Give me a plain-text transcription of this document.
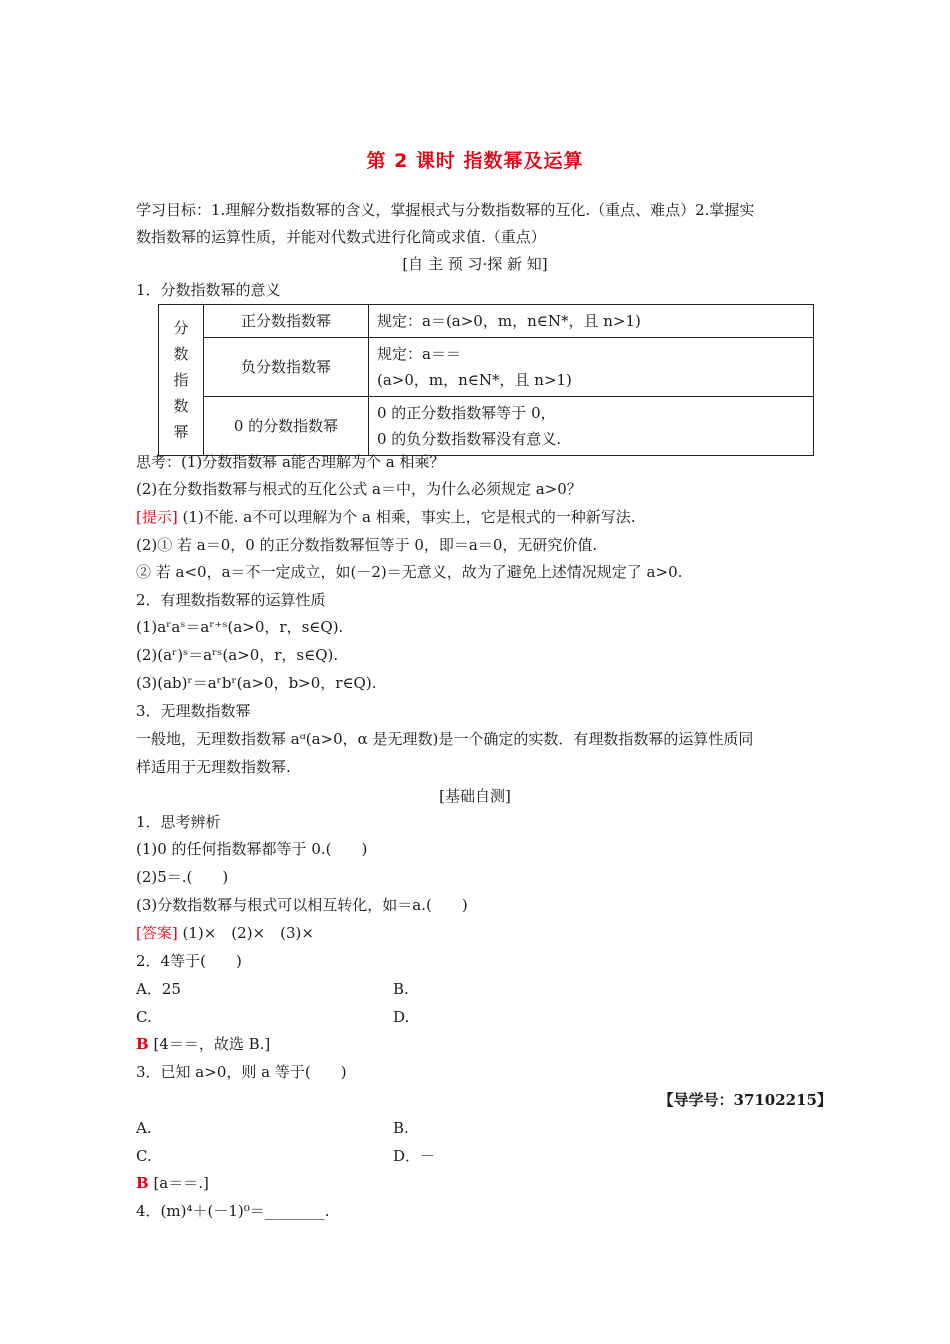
第 2 课时 指数幂及运算
学习目标：1.理解分数指数幂的含义，掌握根式与分数指数幂的互化.（重点、难点）2.掌握实
数指数幂的运算性质，并能对代数式进行化简或求值.（重点）
[自 主 预 习·探 新 知]
1．分数指数幂的意义
分
数
指
数
幂	正分数指数幂	规定：a＝(a>0，m，n∈N*，且 n>1)
	负分数指数幂	规定：a＝＝
(a>0，m，n∈N*，且 n>1)

	0 的分数指数幂	0 的正分数指数幂等于 0，
0 的负分数指数幂没有意义.
思考：(1)分数指数幂 a能否理解为个 a 相乘？
(2)在分数指数幂与根式的互化公式 a＝中，为什么必须规定 a>0？
[提示] (1)不能. a不可以理解为个 a 相乘，事实上，它是根式的一种新写法.
(2)① 若 a＝0，0 的正分数指数幂恒等于 0，即＝a＝0，无研究价值.
② 若 a<0，a＝不一定成立，如(－2)＝无意义，故为了避免上述情况规定了 a>0.
2．有理数指数幂的运算性质
(1)aʳaˢ＝aʳ⁺ˢ(a>0，r，s∈Q).
(2)(aʳ)ˢ＝aʳˢ(a>0，r，s∈Q).
(3)(ab)ʳ＝aʳbʳ(a>0，b>0，r∈Q).
3．无理数指数幂
一般地，无理数指数幂 aᵅ(a>0，α 是无理数)是一个确定的实数．有理数指数幂的运算性质同
样适用于无理数指数幂.
[基础自测]
1．思考辨析
(1)0 的任何指数幂都等于 0.(　　)
(2)5＝.(　　)
(3)分数指数幂与根式可以相互转化，如＝a.(　　)
[答案] (1)×　(2)×　(3)×
2．4等于(　　)
A．25	B.
C.	D.
B [4＝＝，故选 B.]
3．已知 a>0，则 a 等于(　　)
【导学号：37102215】
A.	B.
C.	D．－
B [a＝＝.]
4．(m)⁴＋(－1)⁰＝________.
